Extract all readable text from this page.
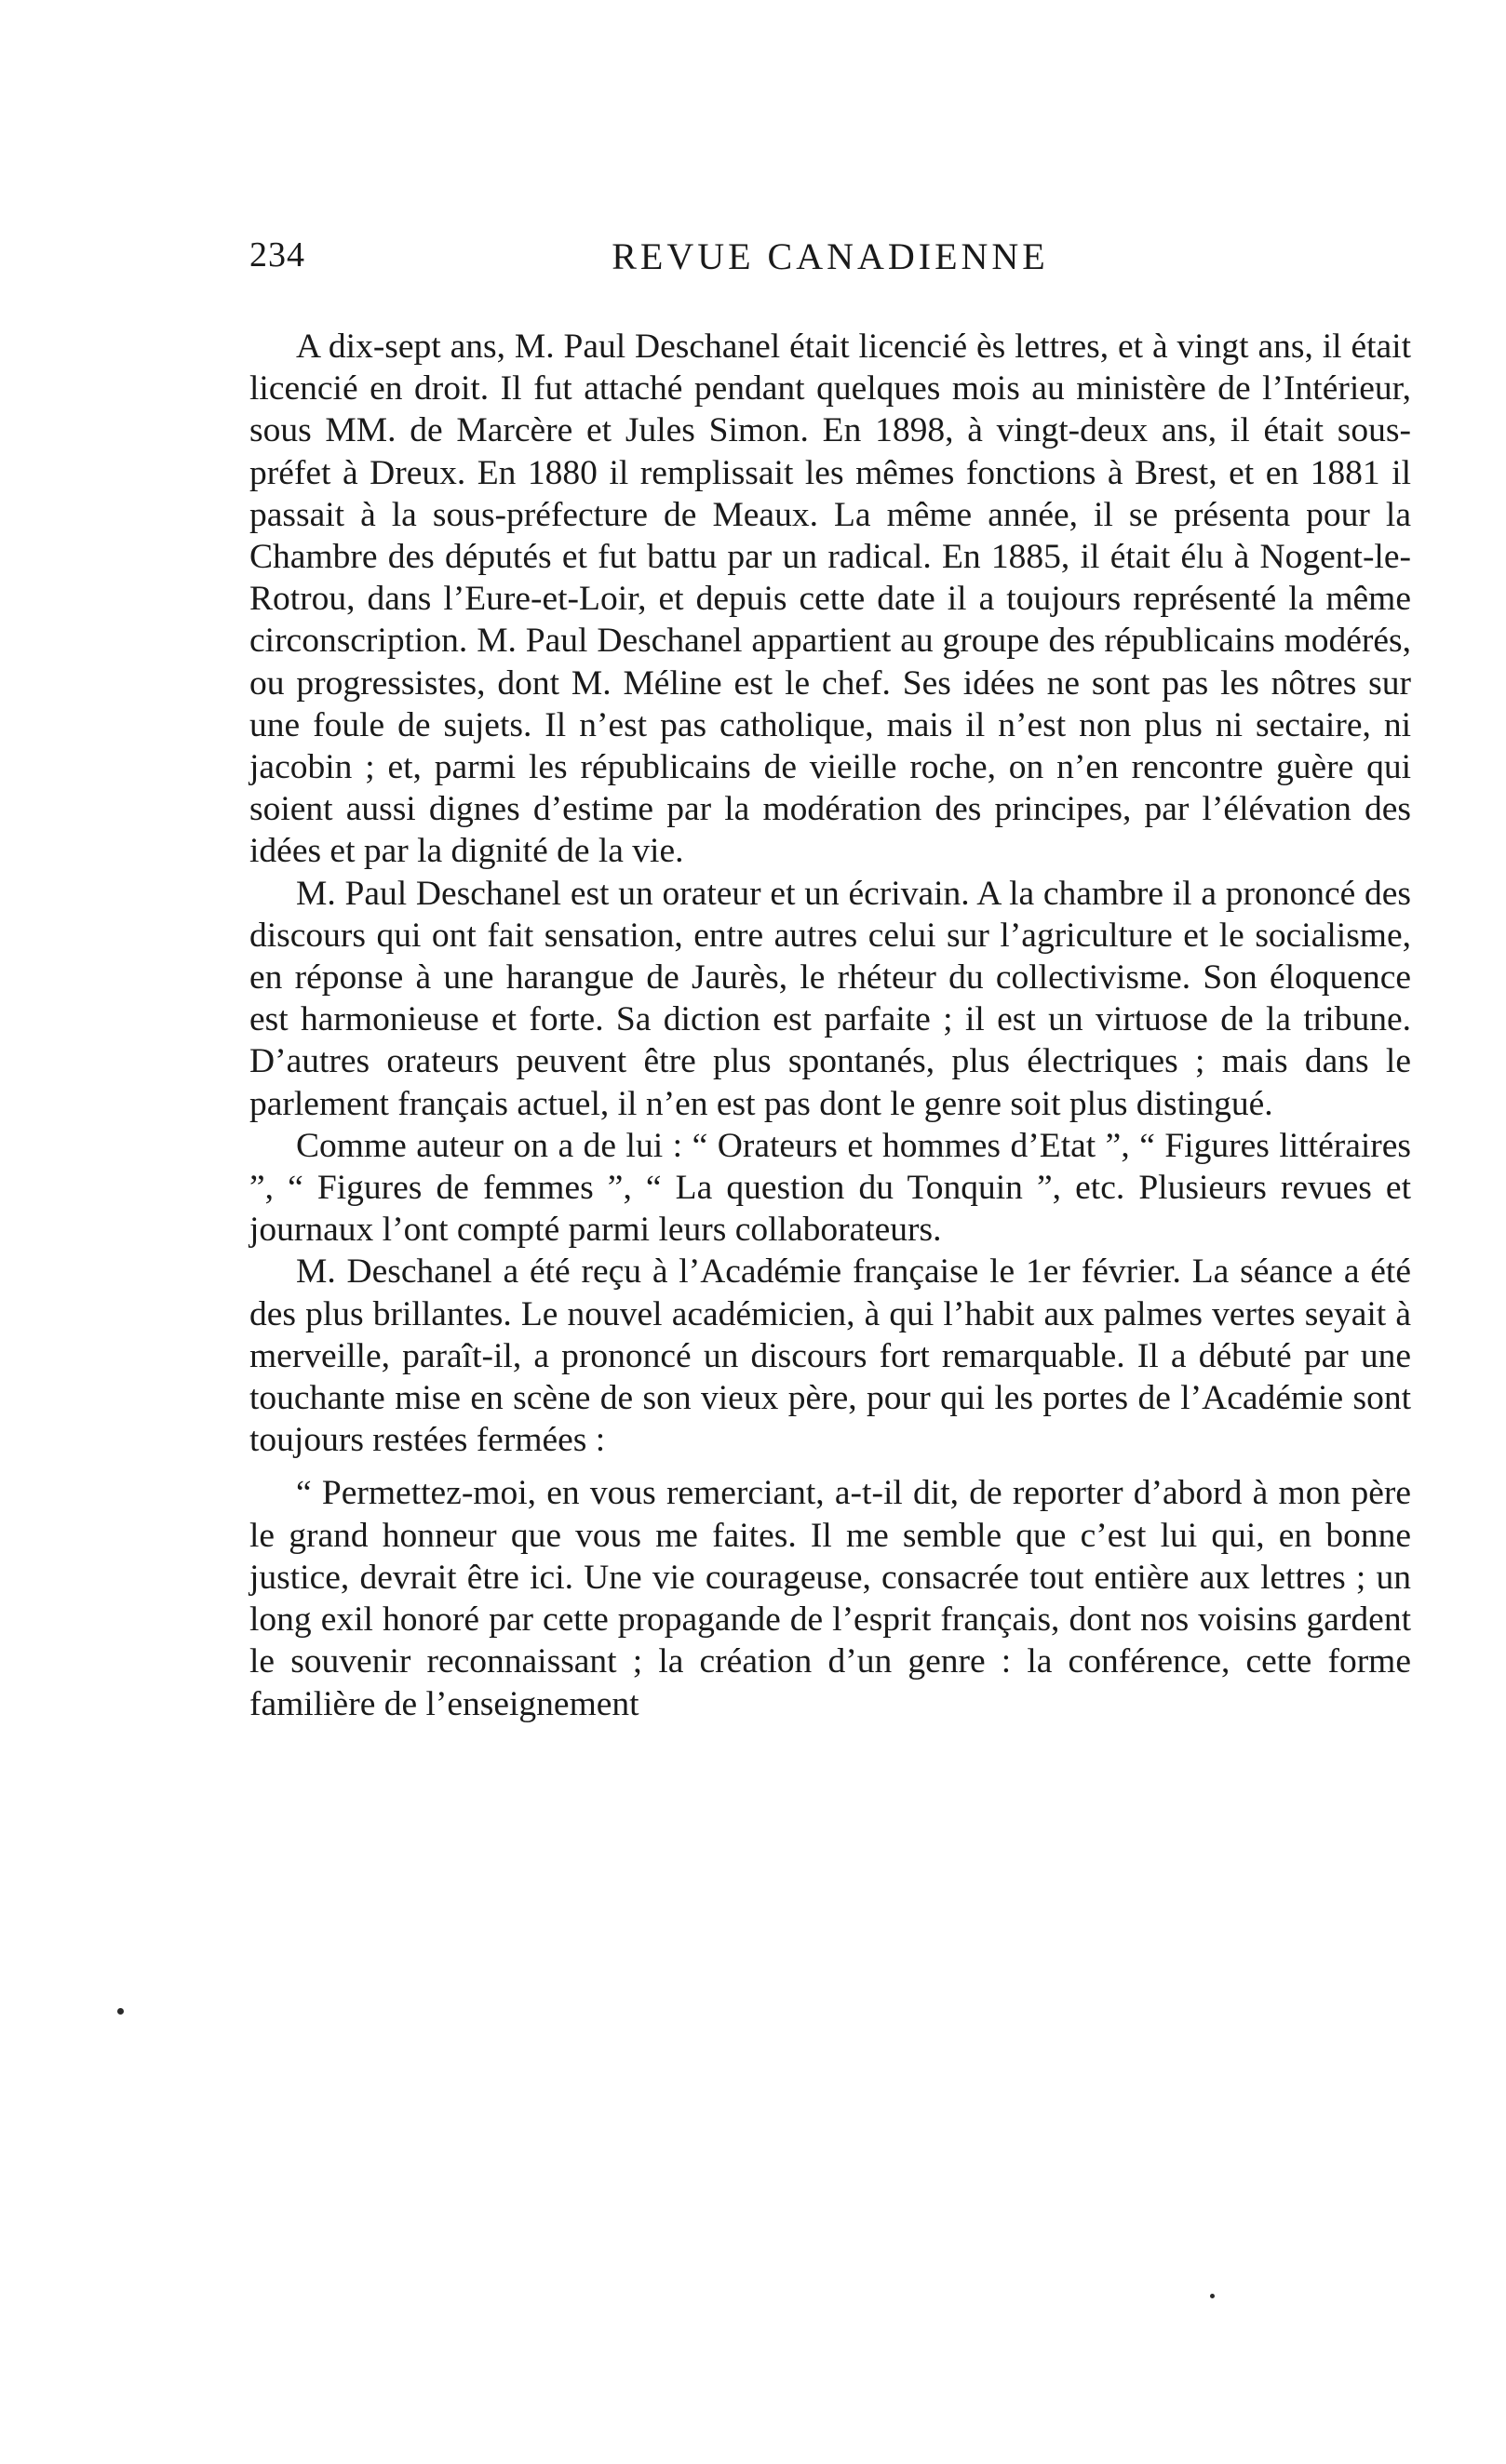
234	REVUE CANADIENNE

A dix-sept ans, M. Paul Deschanel était licencié ès lettres, et à vingt ans, il était licencié en droit. Il fut attaché pendant quelques mois au ministère de l’Intérieur, sous MM. de Marcère et Jules Simon. En 1898, à vingt-deux ans, il était sous-préfet à Dreux. En 1880 il remplissait les mêmes fonctions à Brest, et en 1881 il passait à la sous-préfecture de Meaux. La même année, il se présenta pour la Chambre des députés et fut battu par un radical. En 1885, il était élu à Nogent-le-Rotrou, dans l’Eure-et-Loir, et depuis cette date il a toujours représenté la même circonscription. M. Paul Deschanel appartient au groupe des républicains modérés, ou progressistes, dont M. Méline est le chef. Ses idées ne sont pas les nôtres sur une foule de sujets. Il n’est pas catholique, mais il n’est non plus ni sectaire, ni jacobin ; et, parmi les républicains de vieille roche, on n’en rencontre guère qui soient aussi dignes d’estime par la modération des principes, par l’élévation des idées et par la dignité de la vie.

M. Paul Deschanel est un orateur et un écrivain. A la chambre il a prononcé des discours qui ont fait sensation, entre autres celui sur l’agriculture et le socialisme, en réponse à une harangue de Jaurès, le rhéteur du collectivisme. Son éloquence est harmonieuse et forte. Sa diction est parfaite ; il est un virtuose de la tribune. D’autres orateurs peuvent être plus spontanés, plus électriques ; mais dans le parlement français actuel, il n’en est pas dont le genre soit plus distingué.

Comme auteur on a de lui : “ Orateurs et hommes d’Etat ”, “ Figures littéraires ”, “ Figures de femmes ”, “ La question du Tonquin ”, etc. Plusieurs revues et journaux l’ont compté parmi leurs collaborateurs.

M. Deschanel a été reçu à l’Académie française le 1er février. La séance a été des plus brillantes. Le nouvel académicien, à qui l’habit aux palmes vertes seyait à merveille, paraît-il, a prononcé un discours fort remarquable. Il a débuté par une touchante mise en scène de son vieux père, pour qui les portes de l’Académie sont toujours restées fermées :

“ Permettez-moi, en vous remerciant, a-t-il dit, de reporter d’abord à mon père le grand honneur que vous me faites. Il me semble que c’est lui qui, en bonne justice, devrait être ici. Une vie courageuse, consacrée tout entière aux lettres ; un long exil honoré par cette propagande de l’esprit français, dont nos voisins gardent le souvenir reconnaissant ; la création d’un genre : la conférence, cette forme familière de l’enseignement
